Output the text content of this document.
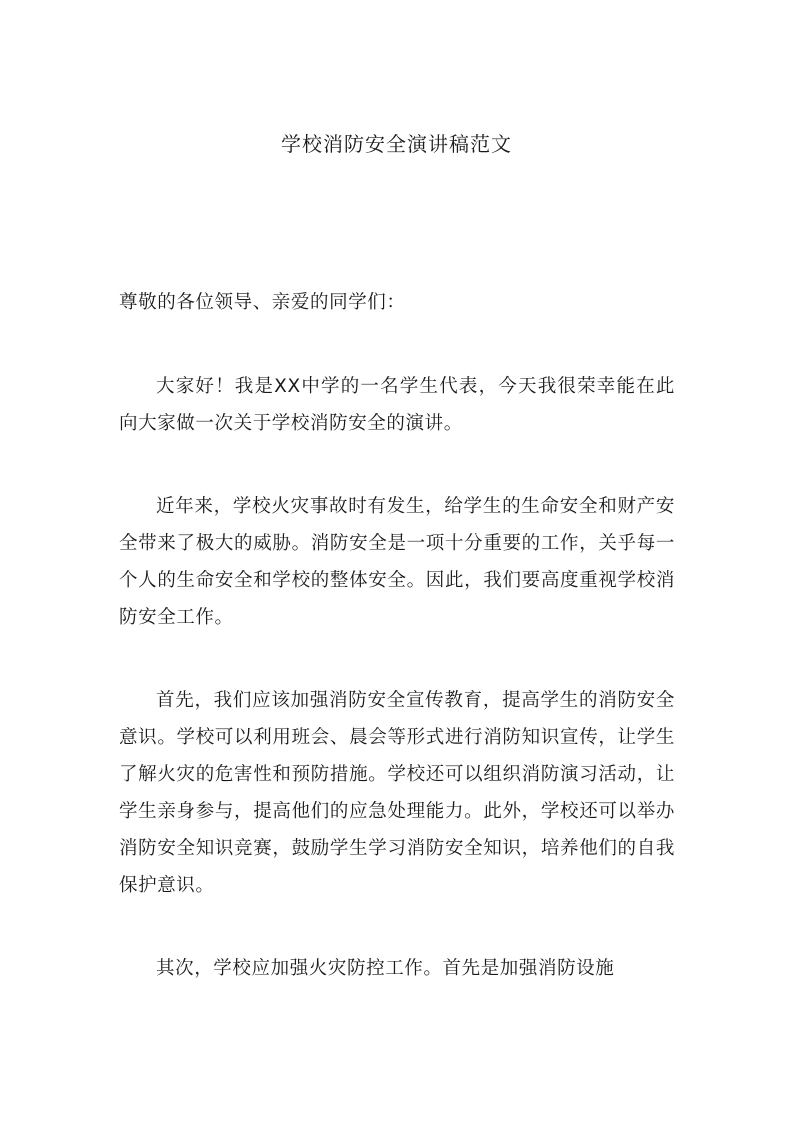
学校消防安全演讲稿范文

尊敬的各位领导、亲爱的同学们：

大家好！我是XX中学的一名学生代表，今天我很荣幸能在此向大家做一次关于学校消防安全的演讲。

近年来，学校火灾事故时有发生，给学生的生命安全和财产安全带来了极大的威胁。消防安全是一项十分重要的工作，关乎每一个人的生命安全和学校的整体安全。因此，我们要高度重视学校消防安全工作。

首先，我们应该加强消防安全宣传教育，提高学生的消防安全意识。学校可以利用班会、晨会等形式进行消防知识宣传，让学生了解火灾的危害性和预防措施。学校还可以组织消防演习活动，让学生亲身参与，提高他们的应急处理能力。此外，学校还可以举办消防安全知识竞赛，鼓励学生学习消防安全知识，培养他们的自我保护意识。

其次，学校应加强火灾防控工作。首先是加强消防设施
